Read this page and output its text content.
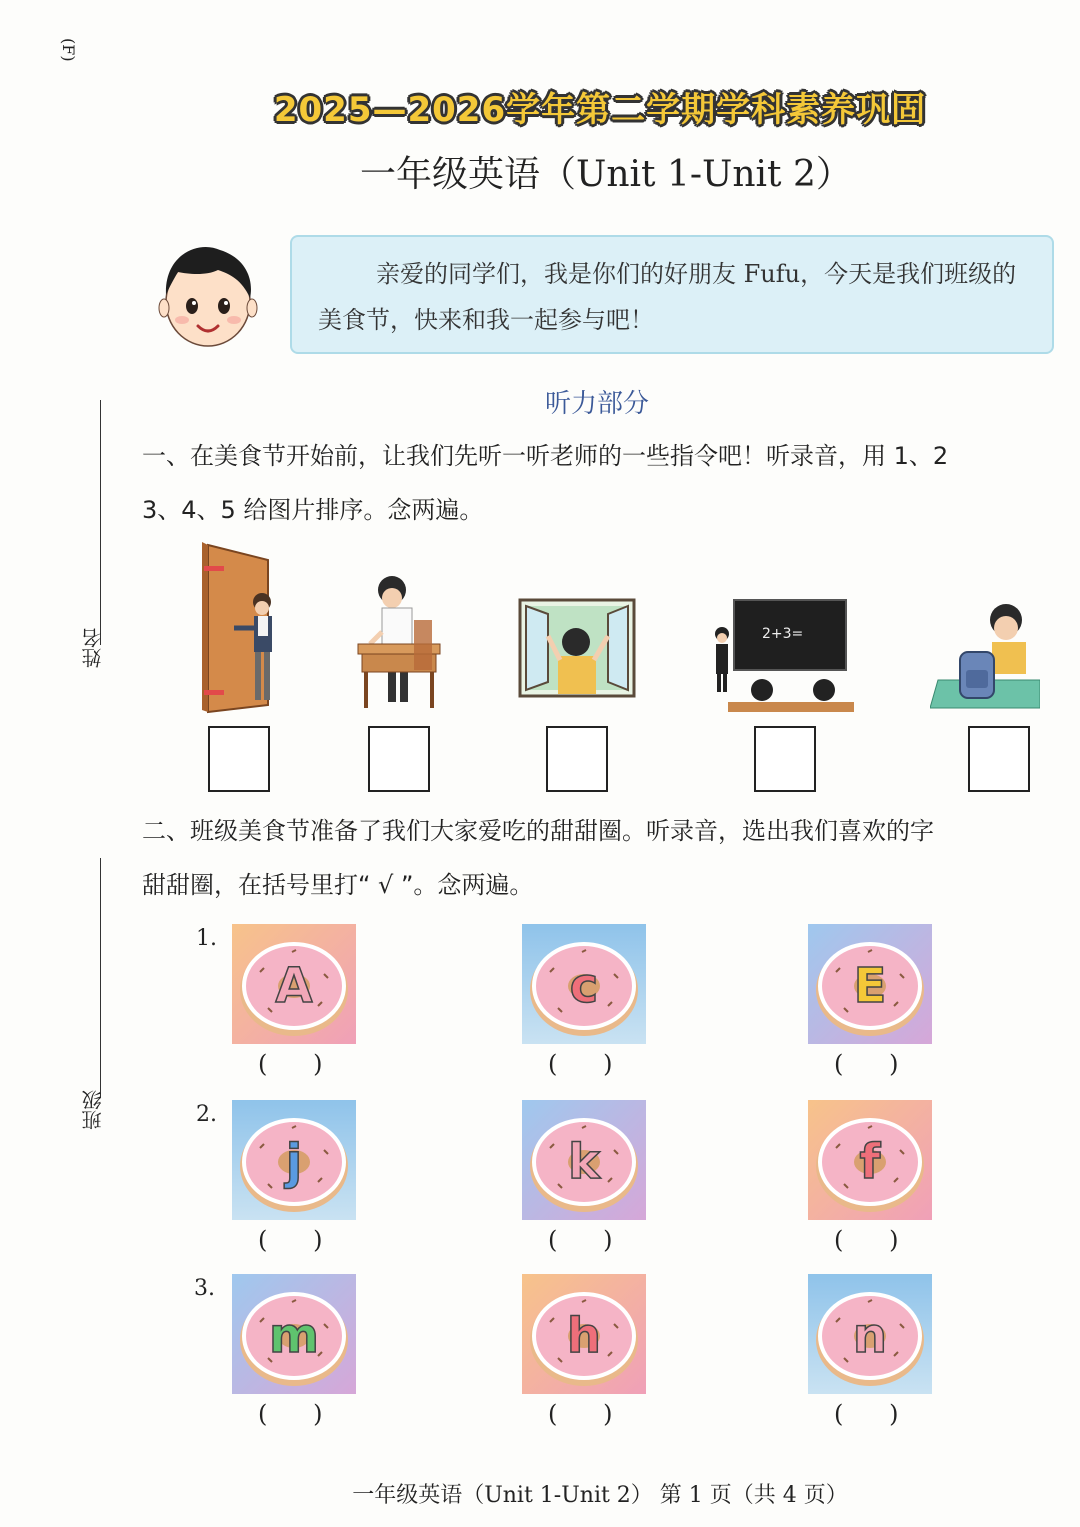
(F)
姓名
班级
2025—2026学年第二学期学科素养巩固
一年级英语（Unit 1-Unit 2）
亲爱的同学们，我是你们的好朋友 Fufu，今天是我们班级的美食节，快来和我一起参与吧！
听力部分
一、在美食节开始前，让我们先听一听老师的一些指令吧！听录音，用 1、2
3、4、5 给图片排序。念两遍。
2+3=
二、班级美食节准备了我们大家爱吃的甜甜圈。听录音，选出我们喜欢的字
甜甜圈，在括号里打“ √ ”。念两遍。
1.
A
(      )
c
(      )
E
(      )
2.
j
(      )
k
(      )
f
(      )
3.
m
(      )
h
(      )
n
(      )
一年级英语（Unit 1-Unit 2） 第 1 页（共 4 页）
